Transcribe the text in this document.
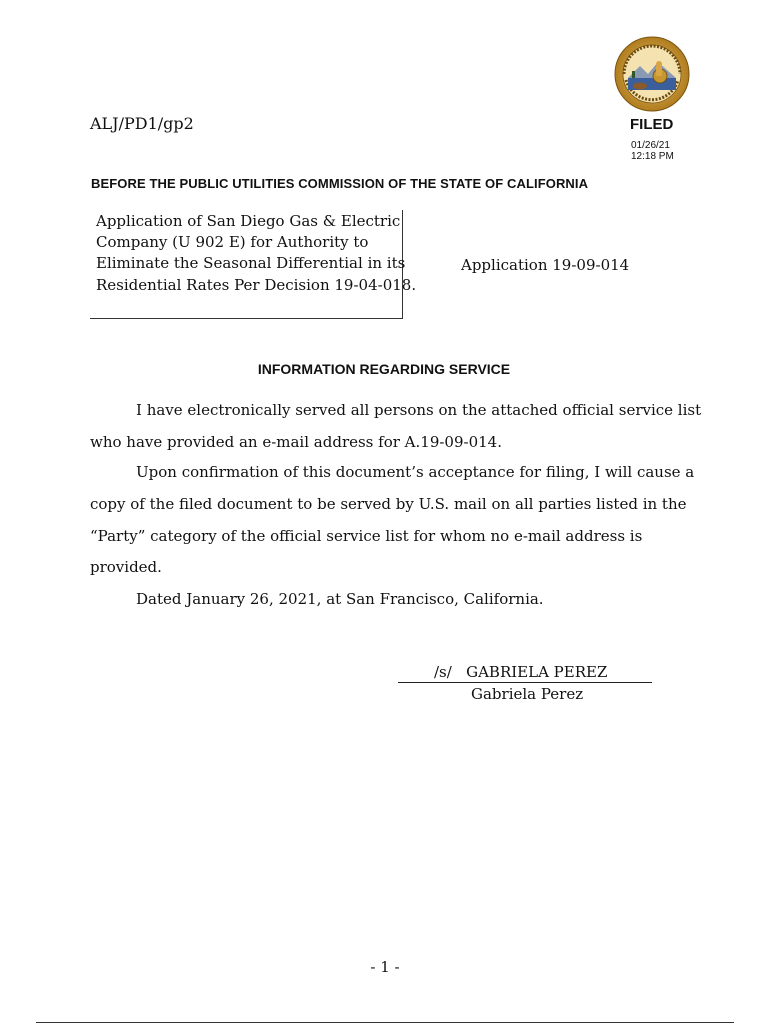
ALJ/PD1/gp2	FILED
01/26/21
12:18 PM
BEFORE THE PUBLIC UTILITIES COMMISSION OF THE STATE OF CALIFORNIA
Application of San Diego Gas & Electric
Company (U 902 E) for Authority to
Eliminate the Seasonal Differential in its
Residential Rates Per Decision 19-04-018.
Application 19-09-014
INFORMATION REGARDING SERVICE
I have electronically served all persons on the attached official service list
who have provided an e-mail address for A.19-09-014.
Upon confirmation of this document’s acceptance for filing, I will cause a
copy of the filed document to be served by U.S. mail on all parties listed in the
“Party” category of the official service list for whom no e-mail address is
provided.
Dated January 26, 2021, at San Francisco, California.
/s/   GABRIELA PEREZ
Gabriela Perez
- 1 -
